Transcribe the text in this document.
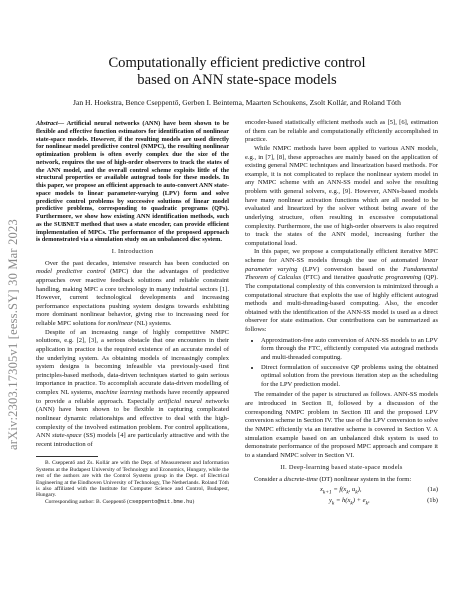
arXiv:2303.17305v1 [eess.SY] 30 Mar 2023
Computationally efficient predictive control
based on ANN state-space models
Jan H. Hoekstra, Bence Cseppentő, Gerben I. Beintema, Maarten Schoukens, Zsolt Kollár, and Roland Tóth

Abstract— Artificial neural networks (ANN) have been shown to be flexible and effective function estimators for identification of nonlinear state-space models. However, if the resulting models are used directly for nonlinear model predictive control (NMPC), the resulting nonlinear optimization problem is often overly complex due the size of the network, requires the use of high-order observers to track the states of the ANN model, and the overall control scheme exploits little of the structural properties or available autograd tools for these models. In this paper, we propose an efficient approach to auto-convert ANN state-space models to linear parameter-varying (LPV) form and solve predictive control problems by successive solutions of linear model predictive problems, corresponding to quadratic programs (QPs). Furthermore, we show how existing ANN identification methods, such as the SUBNET method that uses a state encoder, can provide efficient implementation of MPCs. The performance of the proposed approach is demonstrated via a simulation study on an unbalanced disc system.

I. Introduction

Over the past decades, intensive research has been conducted on model predictive control (MPC) due the advantages of predictive approaches over reactive feedback solutions and reliable constraint handling, making MPC a core technology in many industrial sectors [1]. However, current technological developments and increasing performance expectations pushing system designs towards exhibiting more dominant nonlinear behavior, giving rise to increasing need for reliable MPC solutions for nonlinear (NL) systems.

Despite of an increasing range of highly competitive NMPC solutions, e.g. [2], [3], a serious obstacle that one encounters in their application in practice is the required existence of an accurate model of the underlying system. As obtaining models of increasingly complex system designs is becoming infeasible via previously-used first principles-based methods, data-driven techniques started to gain serious importance in practice. To accomplish accurate data-driven modelling of complex NL systems, machine learning methods have recently appeared to provide a reliable approach. Especially artificial neural networks (ANN) have been shown to be flexible in capturing complicated nonlinear dynamic relationships and effective to deal with the high-complexity of the involved estimation problem. For control applications, ANN state-space (SS) models [4] are particularly attractive and with the recent introduction of

B. Cseppentő and Zs. Kollár are with the Dept. of Measurement and Information Systems at the Budapest University of Technology and Economics, Hungary, while the rest of the authors are with the Control Systems group in the Dept. of Electrical Engineering at the Eindhoven University of Technology, The Netherlands. Roland Tóth is also affiliated with the Institute for Computer Science and Control, Budapest, Hungary.

Corresponding author: B. Cseppentő (cseppento@mit.bme.hu)

encoder-based statistically efficient methods such as [5], [6], estimation of them can be reliable and computationally efficiently accomplished in practice.

While NMPC methods have been applied to various ANN models, e.g., in [7], [8], these approaches are mainly based on the application of existing general NMPC techniques and linearization based methods. For example, it is not complicated to replace the nonlinear system model in any NMPC scheme with an ANN-SS model and solve the resulting problem with general solvers, e.g., [9]. However, ANNs-based models have many nonlinear activation functions which are all needed to be evaluated and linearized by the solver without being aware of the underlying structure, often resulting in excessive computational complexity. Furthermore, the use of high-order observers is also required to track the states of the ANN model, increasing further the computational load.

In this paper, we propose a computationally efficient iterative MPC scheme for ANN-SS models through the use of automated linear parameter varying (LPV) conversion based on the Fundamental Theorem of Calculus (FTC) and iterative quadratic programming (QP). The computational complexity of this conversion is minimized through a computational structure that exploits the use of highly efficient autograd methods and multi-threading-based computing. Also, the encoder obtained with the identification of the ANN-SS model is used as a direct observer for state estimation. Our contributions can be summarized as follows:

• Approximation-free auto conversion of ANN-SS models to an LPV form through the FTC, efficiently computed via autograd methods and multi-threaded computing.
• Direct formulation of successive QP problems using the obtained optimal solution from the previous iteration step as the scheduling for the LPV prediction model.

The remainder of the paper is structured as follows. ANN-SS models are introduced in Section II, followed by a discussion of the corresponding NMPC problem in Section III and the proposed LPV conversion scheme in Section IV. The use of the LPV conversion to solve the NMPC efficiently via an iterative scheme is covered in Section V. A simulation example based on an unbalanced disk system is used to demonstrate performance of the proposed MPC approach and compare it to a standard NMPC solver in Section VI.

II. Deep-learning based state-space models

Consider a discrete-time (DT) nonlinear system in the form:

$x_{k+1} = f(x_k$, $u_k$),	(1a)
$y_k = h(x_k) + e_k$,	(1b)
